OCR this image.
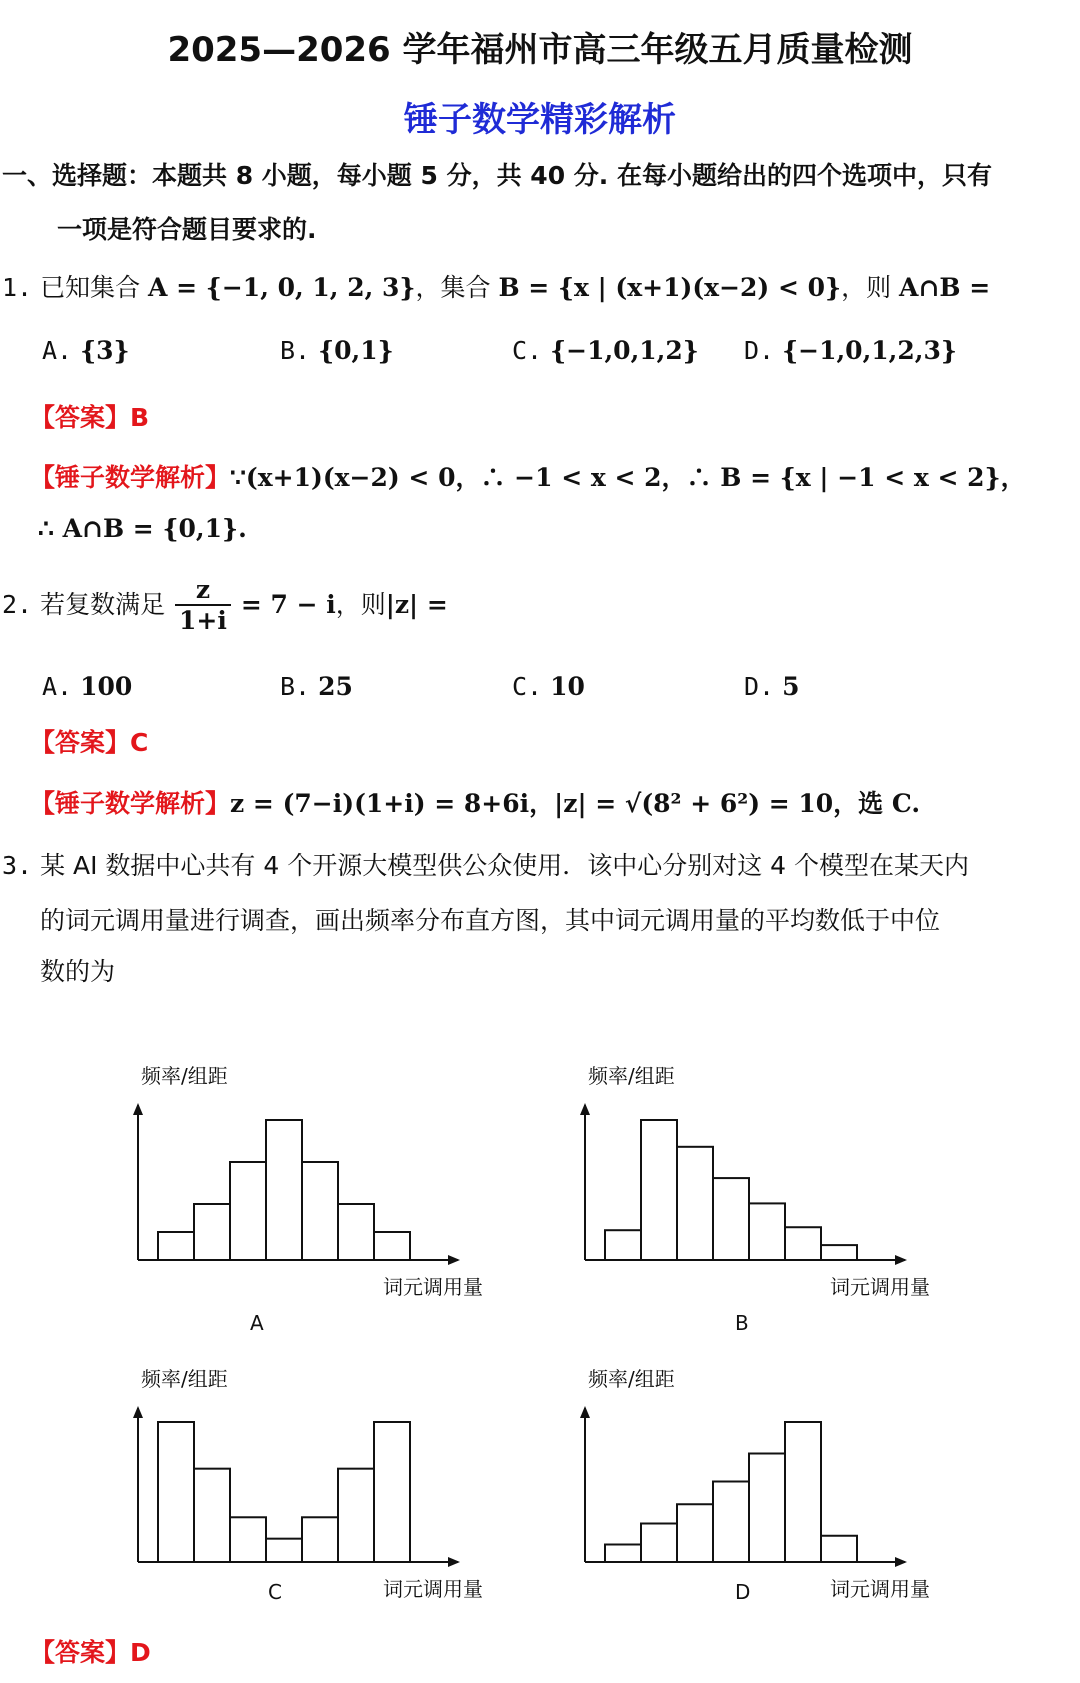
2025—2026 学年福州市高三年级五月质量检测
锤子数学精彩解析
一、选择题：本题共 8 小题，每小题 5 分，共 40 分. 在每小题给出的四个选项中，只有
一项是符合题目要求的.
1. 已知集合 A = {−1, 0, 1, 2, 3}，集合 B = {x | (x+1)(x−2) < 0}，则 A∩B =
A. {3}	B. {0,1}	C. {−1,0,1,2} D. {−1,0,1,2,3}
【答案】B
【锤子数学解析】∵(x+1)(x−2) < 0，∴ −1 < x < 2，∴ B = {x | −1 < x < 2}，
∴ A∩B = {0,1}.
2. 若复数满足 $\frac{z}{1+i} = 7 - i$，则|z| =
A. 100	B. 25	C. 10	D. 5
【答案】C
【锤子数学解析】z = (7−i)(1+i) = 8+6i，|z| = √(8² + 6²) = 10，选 C.
3. 某 AI 数据中心共有 4 个开源大模型供公众使用．该中心分别对这 4 个模型在某天内
的词元调用量进行调查，画出频率分布直方图，其中词元调用量的平均数低于中位
数的为
频率/组距
词元调用量
A
频率/组距
词元调用量
B
频率/组距
词元调用量
C
频率/组距
词元调用量
D
【答案】D
